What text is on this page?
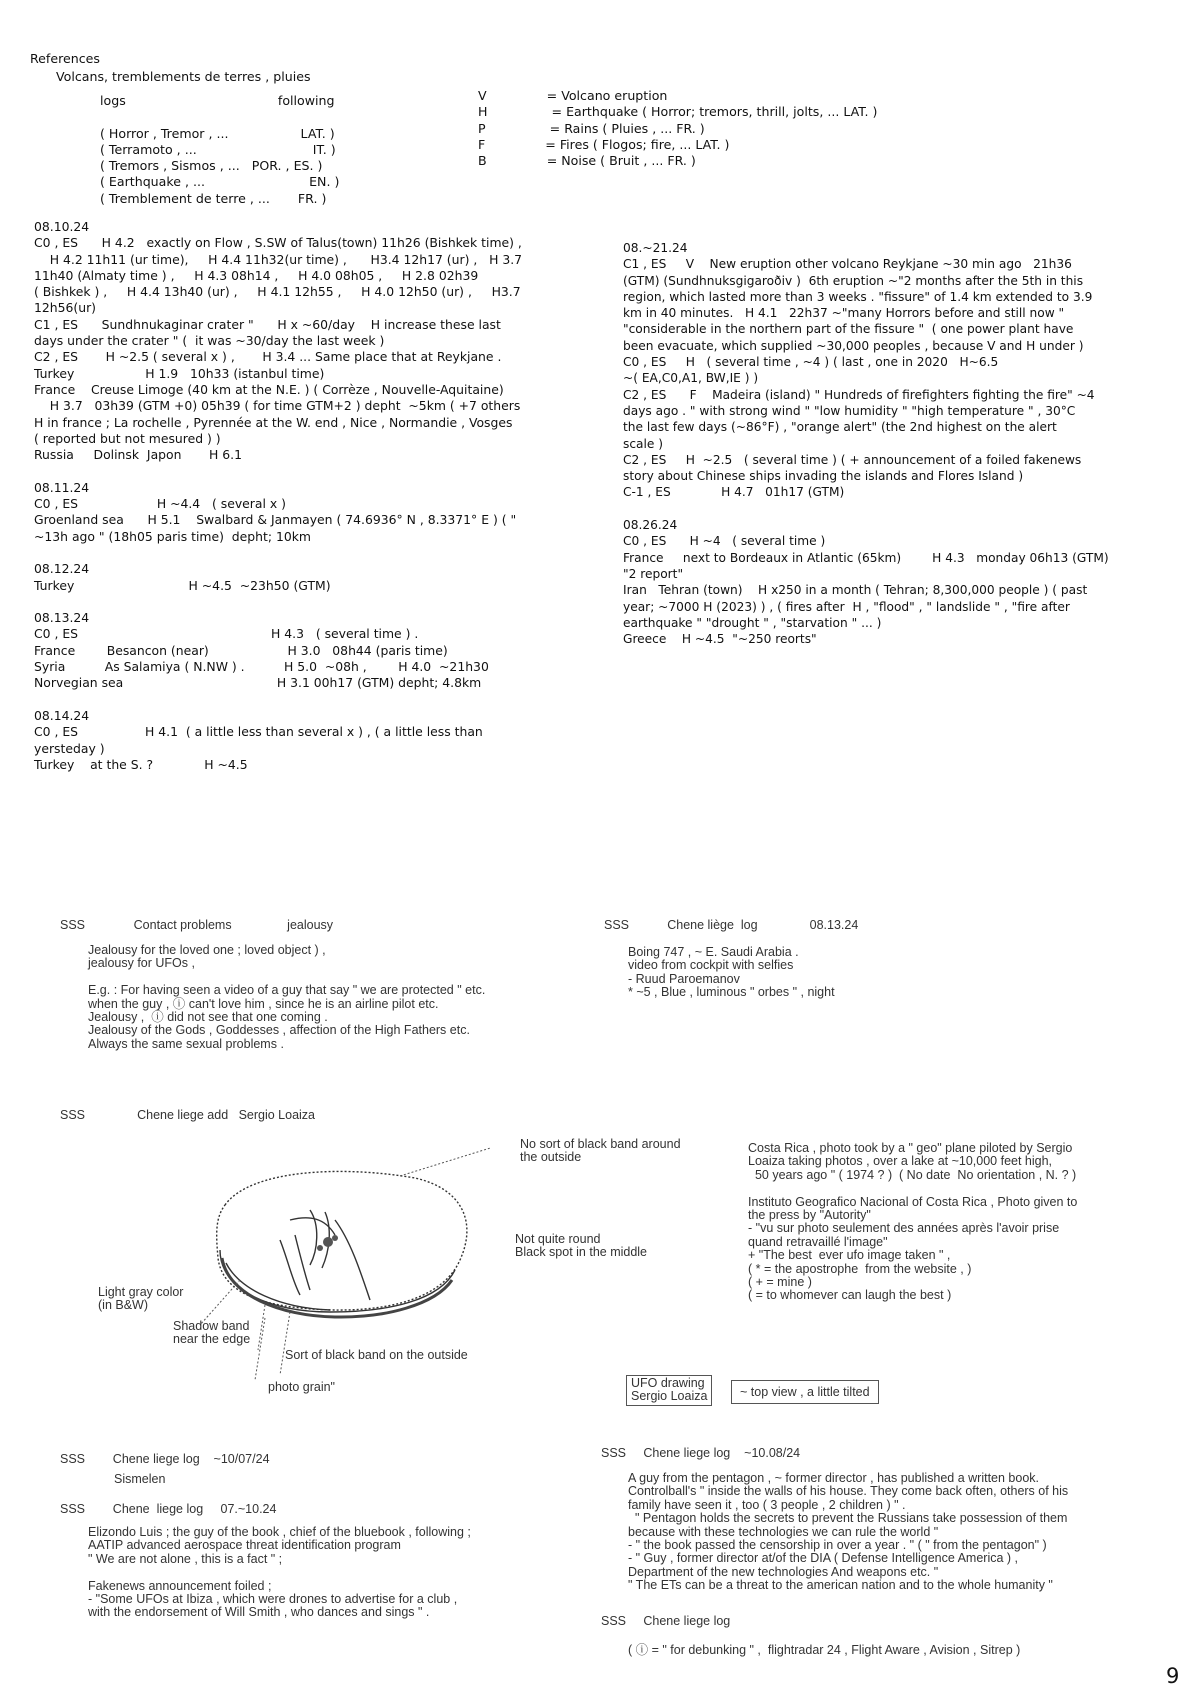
References
Volcans, tremblements de terres , pluies
logs                                      following

( Horror , Tremor , ...                  LAT. )
( Terramoto , ...                             IT. )
( Tremors , Sismos , ...   POR. , ES. )
( Earthquake , ...                          EN. )
( Tremblement de terre , ...       FR. )
V               = Volcano eruption
H                = Earthquake ( Horror; tremors, thrill, jolts, ... LAT. )
P                = Rains ( Pluies , ... FR. )
F               = Fires ( Flogos; fire, ... LAT. )
B               = Noise ( Bruit , ... FR. )
08.10.24
C0 , ES      H 4.2   exactly on Flow , S.SW of Talus(town) 11h26 (Bishkek time) ,
H 4.2 11h11 (ur time),     H 4.4 11h32(ur time) ,      H3.4 12h17 (ur) ,   H 3.7
11h40 (Almaty time ) ,     H 4.3 08h14 ,     H 4.0 08h05 ,     H 2.8 02h39
( Bishkek ) ,     H 4.4 13h40 (ur) ,     H 4.1 12h55 ,     H 4.0 12h50 (ur) ,     H3.7
12h56(ur)
C1 , ES      Sundhnukaginar crater "      H x ~60/day    H increase these last
days under the crater " (  it was ~30/day the last week )
C2 , ES       H ~2.5 ( several x ) ,       H 3.4 ... Same place that at Reykjane .
Turkey                  H 1.9   10h33 (istanbul time)
France    Creuse Limoge (40 km at the N.E. ) ( Corrèze , Nouvelle-Aquitaine)
H 3.7   03h39 (GTM +0) 05h39 ( for time GTM+2 ) depht  ~5km ( +7 others
H in france ; La rochelle , Pyrennée at the W. end , Nice , Normandie , Vosges
( reported but not mesured ) )
Russia     Dolinsk  Japon       H 6.1

08.11.24
C0 , ES                    H ~4.4   ( several x )
Groenland sea      H 5.1    Swalbard & Janmayen ( 74.6936° N , 8.3371° E ) ( "
~13h ago " (18h05 paris time)  depht; 10km

08.12.24
Turkey                             H ~4.5  ~23h50 (GTM)

08.13.24
C0 , ES                                                 H 4.3   ( several time ) .
France        Besancon (near)                    H 3.0   08h44 (paris time)
Syria          As Salamiya ( N.NW ) .          H 5.0  ~08h ,        H 4.0  ~21h30
Norvegian sea                                       H 3.1 00h17 (GTM) depht; 4.8km

08.14.24
C0 , ES                 H 4.1  ( a little less than several x ) , ( a little less than
yersteday )
Turkey    at the S. ?             H ~4.5
08.~21.24
C1 , ES     V    New eruption other volcano Reykjane ~30 min ago   21h36
(GTM) (Sundhnuksgigaroðiv )  6th eruption ~"2 months after the 5th in this
region, which lasted more than 3 weeks . "fissure" of 1.4 km extended to 3.9
km in 40 minutes.   H 4.1   22h37 ~"many Horrors before and still now "
"considerable in the northern part of the fissure "  ( one power plant have
been evacuate, which supplied ~30,000 peoples , because V and H under )
C0 , ES     H   ( several time , ~4 ) ( last , one in 2020   H~6.5
~( EA,C0,A1, BW,IE ) )
C2 , ES      F    Madeira (island) " Hundreds of firefighters fighting the fire" ~4
days ago . " with strong wind " "low humidity " "high temperature " , 30°C
the last few days (~86°F) , "orange alert" (the 2nd highest on the alert
scale )
C2 , ES     H  ~2.5   ( several time ) ( + announcement of a foiled fakenews
story about Chinese ships invading the islands and Flores Island )
C-1 , ES             H 4.7   01h17 (GTM)

08.26.24
C0 , ES      H ~4   ( several time )
France     next to Bordeaux in Atlantic (65km)        H 4.3   monday 06h13 (GTM)
"2 report"
Iran   Tehran (town)    H x250 in a month ( Tehran; 8,300,000 people ) ( past
year; ~7000 H (2023) ) , ( fires after  H , "flood" , " landslide " , "fire after
earthquake " "drought " , "starvation " ... )
Greece    H ~4.5  "~250 reorts"
SSS              Contact problems                jealousy
Jealousy for the loved one ; loved object ) ,
jealousy for UFOs ,

E.g. : For having seen a video of a guy that say " we are protected " etc.
when the guy , ⓘ can't love him , since he is an airline pilot etc.
Jealousy ,  ⓘ did not see that one coming .
Jealousy of the Gods , Goddesses , affection of the High Fathers etc.
Always the same sexual problems .
SSS           Chene liège  log               08.13.24
Boing 747 , ~ E. Saudi Arabia .
video from cockpit with selfies
- Ruud Paroemanov
* ~5 , Blue , luminous " orbes " , night
SSS               Chene liege add   Sergio Loaiza
No sort of black band around
the outside
Not quite round
Black spot in the middle
Light gray color
(in B&W)
Shadow band
near the edge
Sort of black band on the outside
photo grain"
Costa Rica , photo took by a " geo" plane piloted by Sergio
Loaiza taking photos , over a lake at ~10,000 feet high,
50 years ago " ( 1974 ? )  ( No date  No orientation , N. ? )

Instituto Geografico Nacional of Costa Rica , Photo given to
the press by "Autority"
- "vu sur photo seulement des années après l'avoir prise
quand retravaillé l'image"
+ "The best  ever ufo image taken " ,
( * = the apostrophe  from the website , )
( + = mine )
( = to whomever can laugh the best )
UFO drawing
Sergio Loaiza	~ top view , a little tilted
SSS        Chene liege log    ~10/07/24
Sismelen
SSS        Chene  liege log     07.~10.24
Elizondo Luis ; the guy of the book , chief of the bluebook , following ;
AATIP advanced aerospace threat identification program
" We are not alone , this is a fact " ;

Fakenews announcement foiled ;
- "Some UFOs at Ibiza , which were drones to advertise for a club ,
with the endorsement of Will Smith , who dances and sings " .
SSS     Chene liege log    ~10.08/24
A guy from the pentagon , ~ former director , has published a written book.
Controlball's " inside the walls of his house. They come back often, others of his
family have seen it , too ( 3 people , 2 children ) " .
" Pentagon holds the secrets to prevent the Russians take possession of them
because with these technologies we can rule the world "
- " the book passed the censorship in over a year . " ( " from the pentagon" )
- " Guy , former director at/of the DIA ( Defense Intelligence America ) ,
Department of the new technologies And weapons etc. "
" The ETs can be a threat to the american nation and to the whole humanity "
SSS     Chene liege log
( ⓘ = " for debunking " ,  flightradar 24 , Flight Aware , Avision , Sitrep )
9
